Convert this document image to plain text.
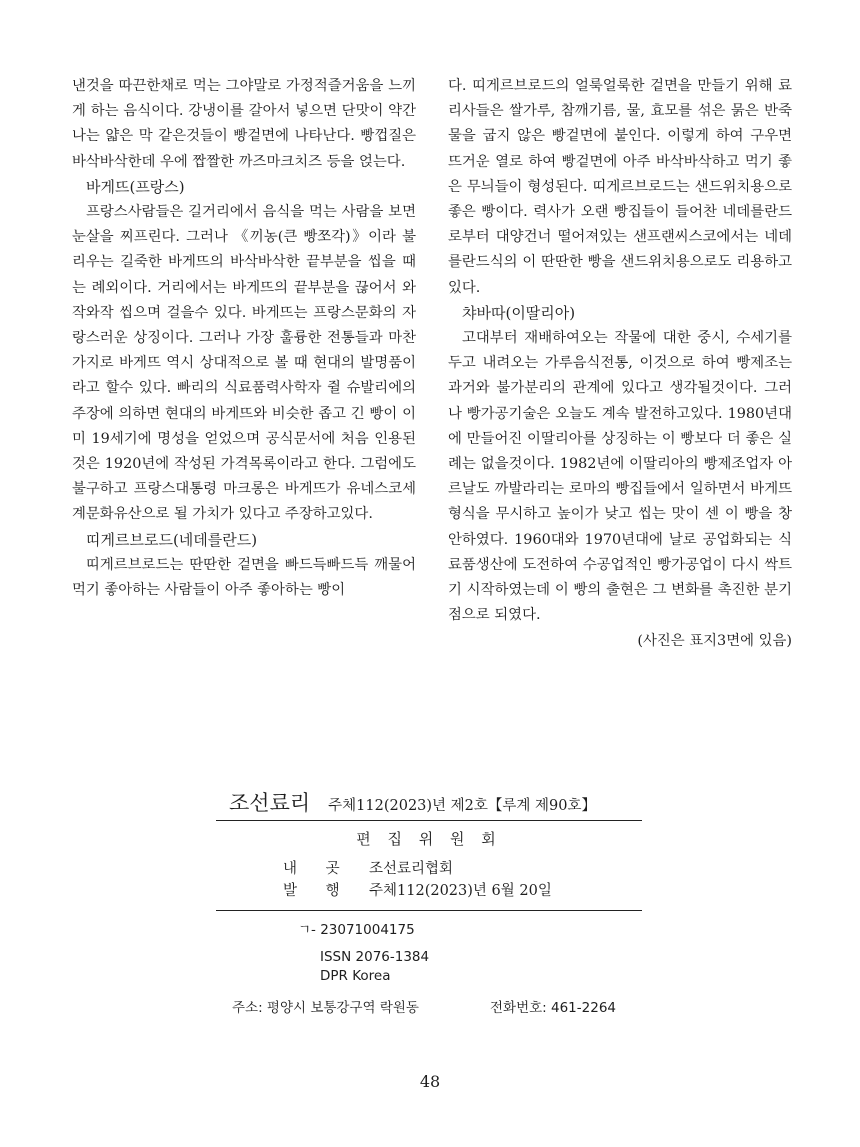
낸것을 따끈한채로 먹는 그야말로 가정적즐거움을 느끼게 하는 음식이다. 강냉이를 갈아서 넣으면 단맛이 약간 나는 얇은 막 같은것들이 빵겉면에 나타난다. 빵껍질은 바삭바삭한데 우에 짭짤한 까즈마크치즈 등을 얹는다.

바게뜨(프랑스)

프랑스사람들은 길거리에서 음식을 먹는 사람을 보면 눈살을 찌프린다. 그러나 《끼농(큰 빵쪼각)》이라 불리우는 길죽한 바게뜨의 바삭바삭한 끝부분을 씹을 때는 례외이다. 거리에서는 바게뜨의 끝부분을 끊어서 와작와작 씹으며 걸을수 있다. 바게뜨는 프랑스문화의 자랑스러운 상징이다. 그러나 가장 훌륭한 전통들과 마찬가지로 바게뜨 역시 상대적으로 볼 때 현대의 발명품이라고 할수 있다. 빠리의 식료품력사학자 쥘 슈발리에의 주장에 의하면 현대의 바게뜨와 비슷한 좁고 긴 빵이 이미 19세기에 명성을 얻었으며 공식문서에 처음 인용된것은 1920년에 작성된 가격목록이라고 한다. 그럼에도 불구하고 프랑스대통령 마크롱은 바게뜨가 유네스코세계문화유산으로 될 가치가 있다고 주장하고있다.

띠게르브로드(네데를란드)

띠게르브로드는 딴딴한 겉면을 빠드득빠드득 깨물어먹기 좋아하는 사람들이 아주 좋아하는 빵이

다. 띠게르브로드의 얼룩얼룩한 겉면을 만들기 위해 료리사들은 쌀가루, 참깨기름, 물, 효모를 섞은 묽은 반죽물을 굽지 않은 빵겉면에 붙인다. 이렇게 하여 구우면 뜨거운 열로 하여 빵겉면에 아주 바삭바삭하고 먹기 좋은 무늬들이 형성된다. 띠게르브로드는 샌드위치용으로 좋은 빵이다. 력사가 오랜 빵집들이 들어찬 네데를란드로부터 대양건너 떨어져있는 샌프랜씨스코에서는 네데를란드식의 이 딴딴한 빵을 샌드위치용으로도 리용하고있다.

챠바따(이딸리아)

고대부터 재배하여오는 작물에 대한 중시, 수세기를 두고 내려오는 가루음식전통, 이것으로 하여 빵제조는 과거와 불가분리의 관계에 있다고 생각될것이다. 그러나 빵가공기술은 오늘도 계속 발전하고있다. 1980년대에 만들어진 이딸리아를 상징하는 이 빵보다 더 좋은 실례는 없을것이다. 1982년에 이딸리아의 빵제조업자 아르날도 까발라리는 로마의 빵집들에서 일하면서 바게뜨형식을 무시하고 높이가 낮고 씹는 맛이 센 이 빵을 창안하였다. 1960대와 1970년대에 날로 공업화되는 식료품생산에 도전하여 수공업적인 빵가공업이 다시 싹트기 시작하였는데 이 빵의 출현은 그 변화를 촉진한 분기점으로 되였다.

(사진은 표지3면에 있음)

조선료리 주체112(2023)년 제2호【루계 제90호】
편 집 위 원 회
내 곳 조선료리협회
발 행 주체112(2023)년 6월 20일
ㄱ- 23071004175
ISSN 2076-1384
DPR Korea
주소: 평양시 보통강구역 락원동	전화번호: 461-2264
48
